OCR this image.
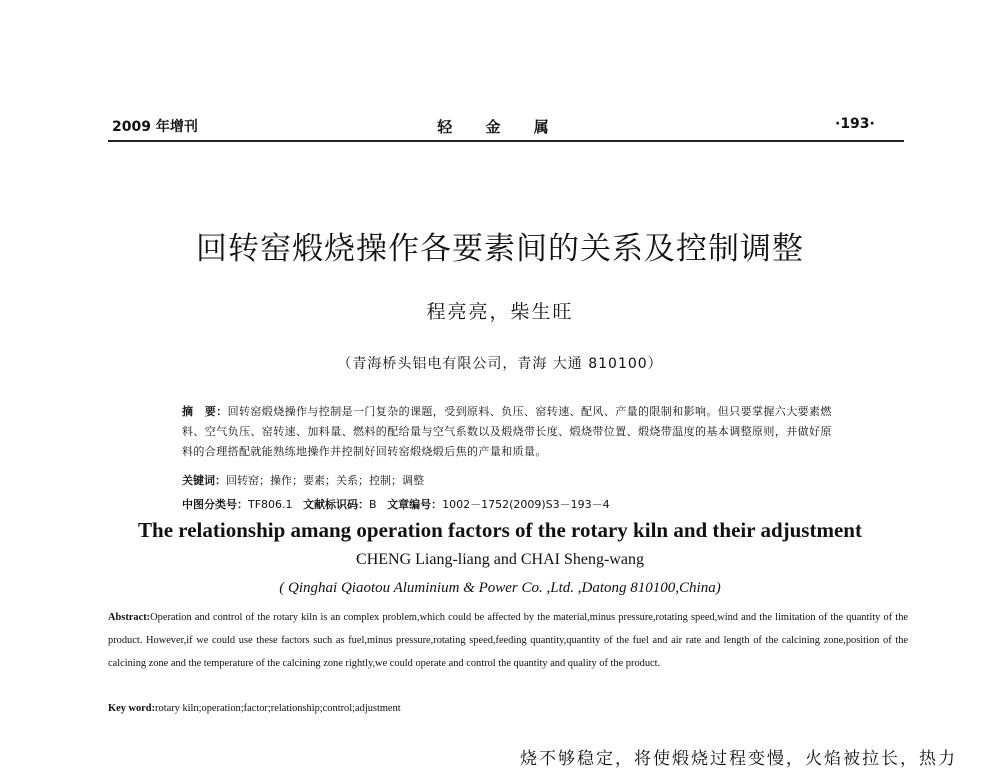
2009 年增刊	轻 金 属	·193·
回转窑煅烧操作各要素间的关系及控制调整
程亮亮，柴生旺
（青海桥头铝电有限公司，青海 大通 810100）
摘　要：回转窑煅烧操作与控制是一门复杂的课题，受到原料、负压、窑转速、配风、产量的限制和影响。但只要掌握六大要素燃料、空气负压、窑转速、加料量、燃料的配给量与空气系数以及煅烧带长度、煅烧带位置、煅烧带温度的基本调整原则，并做好原料的合理搭配就能熟练地操作并控制好回转窑煅烧煅后焦的产量和质量。
关键词：回转窑；操作；要素；关系；控制；调整
中图分类号：TF806.1 文献标识码：B 文章编号：1002－1752(2009)S3－193－4
The relationship amang operation factors of the rotary kiln and their adjustment
CHENG Liang-liang and CHAI Sheng-wang
( Qinghai Qiaotou Aluminium & Power Co. ,Ltd. ,Datong 810100,China)
Abstract:Operation and control of the rotary kiln is an complex problem,which could be affected by the material,minus pressure,rotating speed,wind and the limitation of the quantity of the product. However,if we could use these factors such as fuel,minus pressure,rotating speed,feeding quantity,quantity of the fuel and air rate and length of the calcining zone,position of the calcining zone and the temperature of the calcining zone rightly,we could operate and control the quantity and quality of the product.
Key word:rotary kiln;operation;factor;relationship;control;adjustment
烧不够稳定，将使煅烧过程变慢，火焰被拉长，热力
